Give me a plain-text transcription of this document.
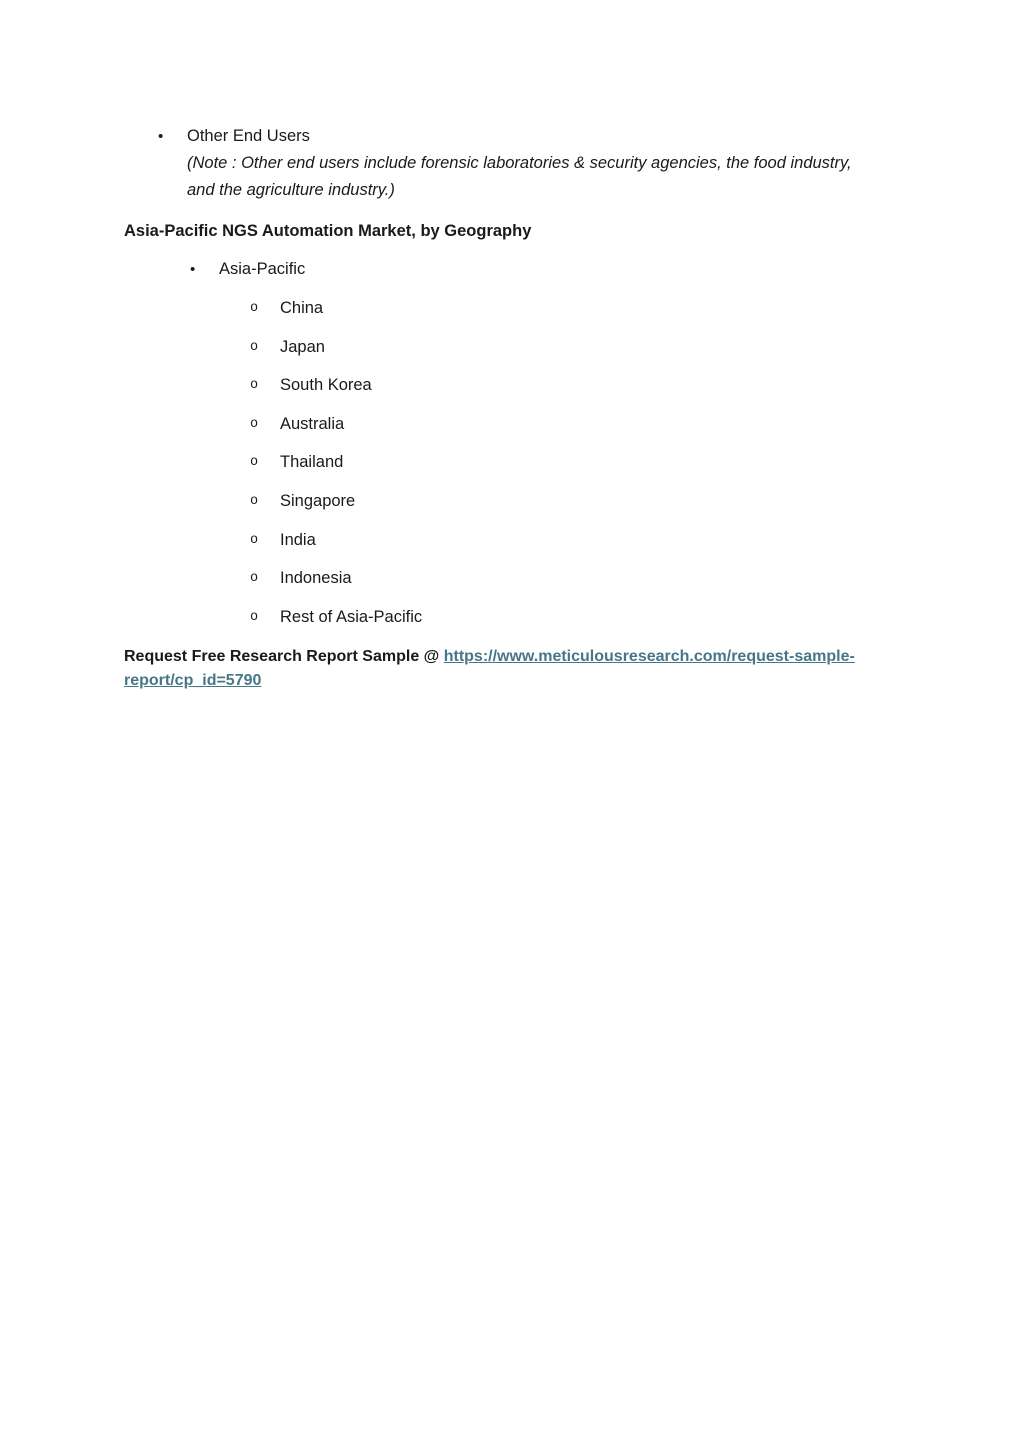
• Other End Users
(Note : Other end users include forensic laboratories & security agencies, the food industry, and the agriculture industry.)
Asia-Pacific NGS Automation Market, by Geography
• Asia-Pacific
o China
o Japan
o South Korea
o Australia
o Thailand
o Singapore
o India
o Indonesia
o Rest of Asia-Pacific
Request Free Research Report Sample @ https://www.meticulousresearch.com/request-sample-report/cp_id=5790
